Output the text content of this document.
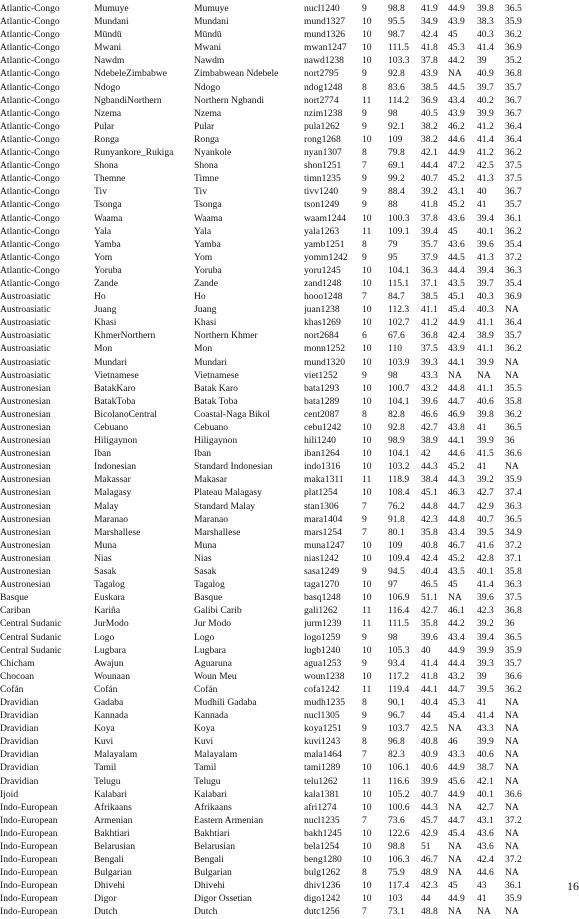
Atlantic-Congo	Mumuye	Mumuye	nucl1240	9	98.8	41.9	44.9	39.8	36.5
Atlantic-Congo	Mundani	Mundani	mund1327	10	95.5	34.9	43.9	38.3	35.9
Atlantic-Congo	Mūndū	Mūndū	mund1326	10	98.7	42.4	45	40.3	36.2
Atlantic-Congo	Mwani	Mwani	mwan1247	10	111.5	41.8	45.3	41.4	36.9
Atlantic-Congo	Nawdm	Nawdm	nawd1238	10	103.3	37.8	44.2	39	35.2
Atlantic-Congo	NdebeleZimbabwe	Zimbabwean Ndebele	nort2795	9	92.8	43.9	NA	40.9	36.8
Atlantic-Congo	Ndogo	Ndogo	ndog1248	8	83.6	38.5	44.5	39.7	35.7
Atlantic-Congo	NgbandiNorthern	Northern Ngbandi	nort2774	11	114.2	36.9	43.4	40.2	36.7
Atlantic-Congo	Nzema	Nzema	nzim1238	9	98	40.5	43.9	39.9	36.7
Atlantic-Congo	Pular	Pular	pula1262	9	92.1	38.2	46.2	41.2	36.4
Atlantic-Congo	Ronga	Ronga	rong1268	10	109	38.2	44.6	41.4	36.4
Atlantic-Congo	Runyankore_Rukiga	Nyankole	nyan1307	8	79.8	42.1	44.9	41.2	36.2
Atlantic-Congo	Shona	Shona	shon1251	7	69.1	44.4	47.2	42.5	37.5
Atlantic-Congo	Themne	Timne	timn1235	9	99.2	40.7	45.2	41.3	37.5
Atlantic-Congo	Tiv	Tiv	tivv1240	9	88.4	39.2	43.1	40	36.7
Atlantic-Congo	Tsonga	Tsonga	tson1249	9	88	41.8	45.2	41	35.7
Atlantic-Congo	Waama	Waama	waam1244	10	100.3	37.8	43.6	39.4	36.1
Atlantic-Congo	Yala	Yala	yala1263	11	109.1	39.4	45	40.1	36.2
Atlantic-Congo	Yamba	Yamba	yamb1251	8	79	35.7	43.6	39.6	35.4
Atlantic-Congo	Yom	Yom	yomm1242	9	95	37.9	44.5	41.3	37.2
Atlantic-Congo	Yoruba	Yoruba	yoru1245	10	104.1	36.3	44.4	39.4	36.3
Atlantic-Congo	Zande	Zande	zand1248	10	115.1	37.1	43.5	39.7	35.4
Austroasiatic	Ho	Ho	hooo1248	7	84.7	38.5	45.1	40.3	36.9
Austroasiatic	Juang	Juang	juan1238	10	112.3	41.1	45.4	40.3	NA
Austroasiatic	Khasi	Khasi	khas1269	10	102.7	41.2	44.9	41.1	36.4
Austroasiatic	KhmerNorthern	Northern Khmer	nort2684	6	67.6	36.8	42.4	38.9	35.7
Austroasiatic	Mon	Mon	monn1252	10	110	37.5	43.9	41.1	36.2
Austroasiatic	Mundari	Mundari	mund1320	10	103.9	39.3	44.1	39.9	NA
Austroasiatic	Vietnamese	Vietnamese	viet1252	9	98	43.3	NA	NA	NA
Austronesian	BatakKaro	Batak Karo	bata1293	10	100.7	43.2	44.8	41.1	35.5
Austronesian	BatakToba	Batak Toba	bata1289	10	104.1	39.6	44.7	40.6	35.8
Austronesian	BicolanoCentral	Coastal-Naga Bikol	cent2087	8	82.8	46.6	46.9	39.8	36.2
Austronesian	Cebuano	Cebuano	cebu1242	10	92.8	42.7	43.8	41	36.5
Austronesian	Hiligaynon	Hiligaynon	hili1240	10	98.9	38.9	44.1	39.9	36
Austronesian	Iban	Iban	iban1264	10	104.1	42	44.6	41.5	36.6
Austronesian	Indonesian	Standard Indonesian	indo1316	10	103.2	44.3	45.2	41	NA
Austronesian	Makassar	Makasar	maka1311	11	118.9	38.4	44.3	39.2	35.9
Austronesian	Malagasy	Plateau Malagasy	plat1254	10	108.4	45.1	46.3	42.7	37.4
Austronesian	Malay	Standard Malay	stan1306	7	76.2	44.8	44.7	42.9	36.3
Austronesian	Maranao	Maranao	mara1404	9	91.8	42.3	44.8	40.7	36.5
Austronesian	Marshallese	Marshallese	mars1254	7	80.1	35.8	43.4	39.5	34.9
Austronesian	Muna	Muna	muna1247	10	109	40.8	46.7	41.6	37.2
Austronesian	Nias	Nias	nias1242	10	109.4	42.4	45.2	42.8	37.1
Austronesian	Sasak	Sasak	sasa1249	9	94.5	40.4	43.5	40.1	35.8
Austronesian	Tagalog	Tagalog	taga1270	10	97	46.5	45	41.4	36.3
Basque	Euskara	Basque	basq1248	10	106.9	51.1	NA	39.6	37.5
Cariban	Kariña	Galibi Carib	gali1262	11	116.4	42.7	46.1	42.3	36.8
Central Sudanic	JurModo	Jur Modo	jurm1239	11	111.5	35.8	44.2	39.2	36
Central Sudanic	Logo	Logo	logo1259	9	98	39.6	43.4	39.4	36.5
Central Sudanic	Lugbara	Lugbara	lugb1240	10	105.3	40	44.9	39.9	35.9
Chicham	Awajun	Aguaruna	agua1253	9	93.4	41.4	44.4	39.3	35.7
Chocoan	Wounaan	Woun Meu	woun1238	10	117.2	41.8	43.2	39	36.6
Cofán	Cofán	Cofán	cofa1242	11	119.4	44.1	44.7	39.5	36.2
Dravidian	Gadaba	Mudhili Gadaba	mudh1235	8	90.1	40.4	45.3	41	NA
Dravidian	Kannada	Kannada	nucl1305	9	96.7	44	45.4	41.4	NA
Dravidian	Koya	Koya	koya1251	9	103.7	42.5	NA	43.3	NA
Dravidian	Kuvi	Kuvi	kuvi1243	8	96.8	40.8	46	39.9	NA
Dravidian	Malayalam	Malayalam	mala1464	7	82.3	40.9	43.3	40.6	NA
Dravidian	Tamil	Tamil	tami1289	10	106.1	40.6	44.9	38.7	NA
Dravidian	Telugu	Telugu	telu1262	11	116.6	39.9	45.6	42.1	NA
Ijoid	Kalabari	Kalabari	kala1381	10	105.2	40.7	44.9	40.1	36.6
Indo-European	Afrikaans	Afrikaans	afri1274	10	100.6	44.3	NA	42.7	NA
Indo-European	Armenian	Eastern Armenian	nucl1235	7	73.6	45.7	44.7	43.1	37.2
Indo-European	Bakhtiari	Bakhtiari	bakh1245	10	122.6	42.9	45.4	43.6	NA
Indo-European	Belarusian	Belarusian	bela1254	10	98.8	51	NA	43.6	NA
Indo-European	Bengali	Bengali	beng1280	10	106.3	46.7	NA	42.4	37.2
Indo-European	Bulgarian	Bulgarian	bulg1262	8	75.9	48.9	NA	44.6	NA
Indo-European	Dhivehi	Dhivehi	dhiv1236	10	117.4	42.3	45	43	36.1
Indo-European	Digor	Digor Ossetian	digo1242	10	103	44	44.9	41	35.9
Indo-European	Dutch	Dutch	dutc1256	7	73.1	48.8	NA	NA	NA
16
